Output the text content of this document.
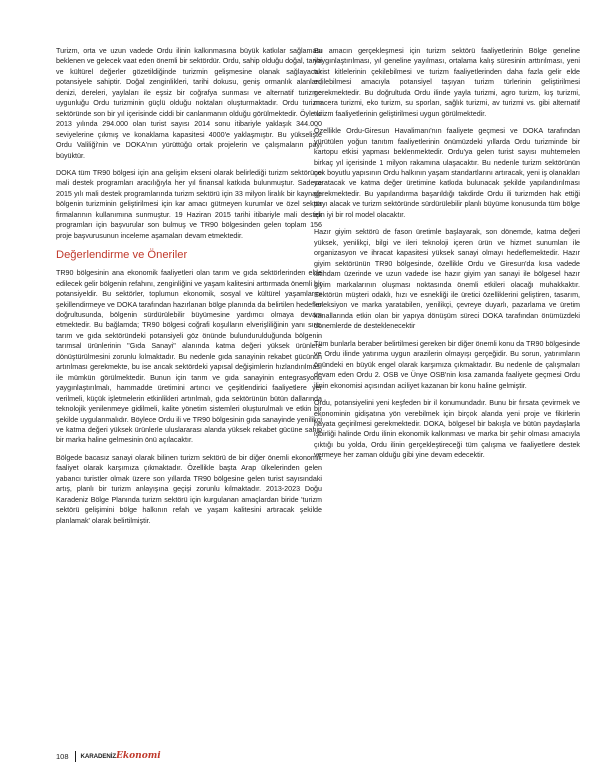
Turizm, orta ve uzun vadede Ordu ilinin kalkınmasına büyük katkılar sağlaması beklenen ve gelecek vaat eden önemli bir sektördür. Ordu, sahip olduğu doğal, tarihi ve kültürel değerler gözetildiğinde turizmin gelişmesine olanak sağlayacak potansiyele sahiptir. Doğal zenginlikleri, tarihi dokusu, geniş ormanlık alanları, denizi, dereleri, yaylaları ile eşsiz bir coğrafya sunması ve alternatif turizme uygunluğu Ordu turizminin güçlü olduğu noktaları oluşturmaktadır. Ordu turizm sektöründe son bir yıl içerisinde ciddi bir canlanmanın olduğu görülmektedir. Öyle ki 2013 yılında 294.000 olan turist sayısı 2014 sonu itibariyle yaklaşık 344.000 seviyelerine çıkmış ve konaklama kapasitesi 4000'e yaklaşmıştır. Bu yükselişte Ordu Valiliği'nin ve DOKA'nın yürüttüğü ortak projelerin ve çalışmaların payı büyüktür.

DOKA tüm TR90 bölgesi için ana gelişim ekseni olarak belirlediği turizm sektörüne mali destek programları aracılığıyla her yıl finansal katkıda bulunmuştur. Sadece 2015 yılı mali destek programlarında turizm sektörü için 33 milyon liralık bir kaynağı bölgenin turizminin geliştirilmesi için kar amacı gütmeyen kurumlar ve özel sektör firmalarının kullanımına sunmuştur. 19 Haziran 2015 tarihi itibariyle mali destek programları için başvurular son bulmuş ve TR90 bölgesinden gelen toplam 156 proje başvurusunun inceleme aşamaları devam etmektedir.

Değerlendirme ve Öneriler

TR90 bölgesinin ana ekonomik faaliyetleri olan tarım ve gıda sektörlerinden elde edilecek gelir bölgenin refahını, zenginliğini ve yaşam kalitesini arttırmada önemli bir potansiyeldir. Bu sektörler, toplumun ekonomik, sosyal ve kültürel yaşamlarını şekillendirmeye ve DOKA tarafından hazırlanan bölge planında da belirtilen hedefler doğrultusunda, bölgenin sürdürülebilir büyümesine yardımcı olmaya devam etmektedir. Bu bağlamda; TR90 bölgesi coğrafi koşulların elverişliliğinin yanı sıra, tarım ve gıda sektöründeki potansiyeli göz önünde bulundurulduğunda bölgenin tarımsal ürünlerinin "Gıda Sanayi" alanında katma değeri yüksek ürünlere dönüştürülmesini zorunlu kılmaktadır. Bu nedenle gıda sanayinin rekabet gücünün artırılması gerekmekte, bu ise ancak sektördeki yapısal değişimlerin hızlandırılması ile mümkün görülmektedir. Bunun için tarım ve gıda sanayinin entegrasyonu yaygınlaştırılmalı, hammadde üretimini artırıcı ve çeşitlendirici faaliyetlere yer verilmeli, küçük işletmelerin etkinlikleri artırılmalı, gıda sektörünün bütün dallarında teknolojik yenilenmeye gidilmeli, kalite yönetim sistemleri oluşturulmalı ve etkin bir şekilde uygulanmalıdır. Böylece Ordu ili ve TR90 bölgesinin gıda sanayinde yenilikçi ve katma değeri yüksek ürünlerle uluslararası alanda yüksek rekabet gücüne sahip bir marka haline gelmesinin önü açılacaktır.

Bölgede bacasız sanayi olarak bilinen turizm sektörü de bir diğer önemli ekonomik faaliyet olarak karşımıza çıkmaktadır. Özellikle başta Arap ülkelerinden gelen yabancı turistler olmak üzere son yıllarda TR90 bölgesine gelen turist sayısındaki artış, planlı bir turizm anlayışına geçişi zorunlu kılmaktadır. 2013-2023 Doğu Karadeniz Bölge Planında turizm sektörü için kurgulanan amaçlardan biride 'turizm sektörü gelişimini bölge halkının refah ve yaşam kalitesini artıracak şekilde planlamak' olarak belirtilmiştir.

Bu amacın gerçekleşmesi için turizm sektörü faaliyetlerinin Bölge geneline yaygınlaştırılması, yıl geneline yayılması, ortalama kalış süresinin arttırılması, yeni turist kitlelerinin çekilebilmesi ve turizm faaliyetlerinden daha fazla gelir elde edilebilmesi amacıyla potansiyel taşıyan turizm türlerinin geliştirilmesi gerekmektedir. Bu doğrultuda Ordu ilinde yayla turizmi, agro turizm, kış turizmi, macera turizmi, eko turizm, su sporları, sağlık turizmi, av turizmi vs. gibi alternatif turizm faaliyetlerinin geliştirilmesi uygun görülmektedir.

Özellikle Ordu-Giresun Havalimanı'nın faaliyete geçmesi ve DOKA tarafından yürütülen yoğun tanıtım faaliyetlerinin önümüzdeki yıllarda Ordu turizminde bir kartopu etkisi yapması beklenmektedir. Ordu'ya gelen turist sayısı muhtemelen birkaç yıl içerisinde 1 milyon rakamına ulaşacaktır. Bu nedenle turizm sektörünün çok boyutlu yapısının Ordu halkının yaşam standartlarını artıracak, yeni iş olanakları yaratacak ve katma değer üretimine katkıda bulunacak şekilde yapılandırılması gerekmektedir. Bu yapılandırma başarıldığı takdirde Ordu ili turizmden hak ettiği payı alacak ve turizm sektöründe sürdürülebilir planlı büyüme konusunda tüm bölge için iyi bir rol model olacaktır.

Hazır giyim sektörü de fason üretimle başlayarak, son dönemde, katma değeri yüksek, yenilikçi, bilgi ve ileri teknoloji içeren ürün ve hizmet sunumları ile organizasyon ve ihracat kapasitesi yüksek sanayi olmayı hedeflemektedir. Hazır giyim sektörünün TR90 bölgesinde, özellikle Ordu ve Giresun'da kısa vadede istihdam üzerinde ve uzun vadede ise hazır giyim yan sanayi ile bölgesel hazır giyim markalarının oluşması noktasında önemli etkileri olacağı muhakkaktır. Sektörün müşteri odaklı, hızı ve esnekliği ile üretici özelliklerini geliştiren, tasarım, koleksiyon ve marka yaratabilen, yenilikçi, çevreye duyarlı, pazarlama ve üretim kanallarında etkin olan bir yapıya dönüşüm süreci DOKA tarafından önümüzdeki dönemlerde de desteklenecektir

Tüm bunlarla beraber belirtilmesi gereken bir diğer önemli konu da TR90 bölgesinde ve Ordu ilinde yatırıma uygun arazilerin olmayışı gerçeğidir. Bu sorun, yatırımların önündeki en büyük engel olarak karşımıza çıkmaktadır. Bu nedenle de çalışmaları devam eden Ordu 2. OSB ve Ünye OSB'nin kısa zamanda faaliyete geçmesi Ordu ilinin ekonomisi açısından aciliyet kazanan bir konu haline gelmiştir.

Ordu, potansiyelini yeni keşfeden bir il konumundadır. Bunu bir fırsata çevirmek ve ekonominin gidişatına yön verebilmek için birçok alanda yeni proje ve fikirlerin hayata geçirilmesi gerekmektedir. DOKA, bölgesel bir bakışla ve bütün paydaşlarla işbirliği halinde Ordu ilinin ekonomik kalkınması ve marka bir şehir olması amacıyla çıktığı bu yolda, Ordu ilinin gerçekleştireceği tüm çalışma ve faaliyetlere destek vermeye her zaman olduğu gibi yine devam edecektir.

108 KARADENİZ Ekonomi
